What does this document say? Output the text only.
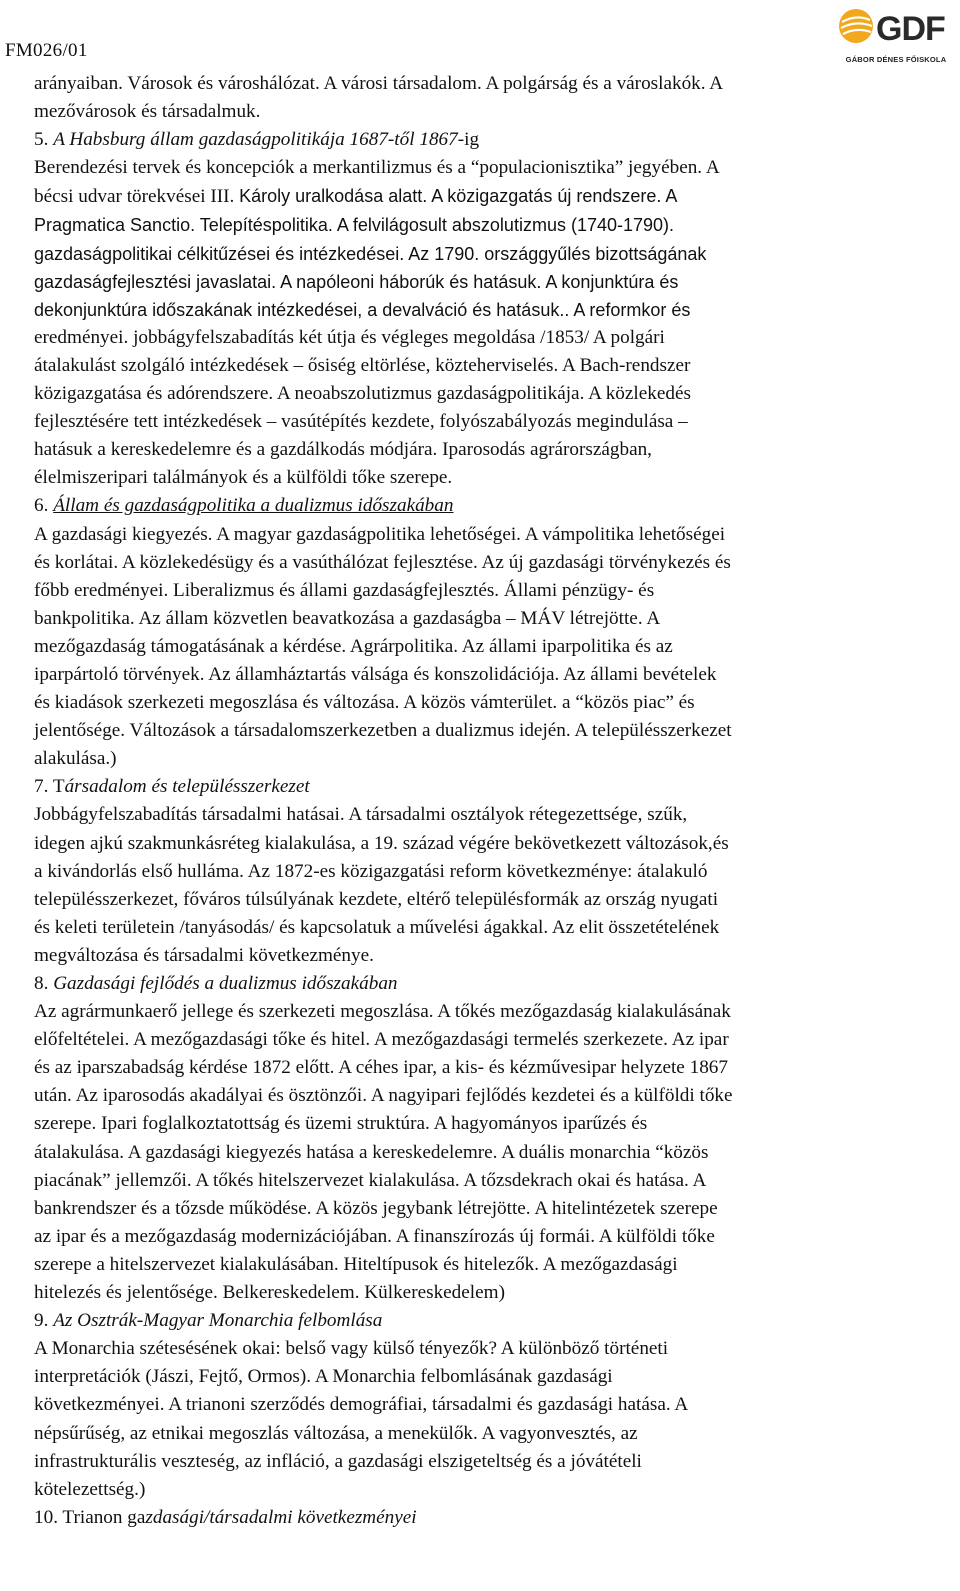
FM026/01
GDF
GÁBOR DÉNES FŐISKOLA
arányaiban. Városok és városhálózat. A városi társadalom. A polgárság és a városlakók. A
mezővárosok és társadalmuk.
5. A Habsburg állam gazdaságpolitikája 1687-től 1867-ig
Berendezési tervek és koncepciók a merkantilizmus és a “populacionisztika” jegyében. A
bécsi udvar törekvései III. Károly uralkodása alatt. A közigazgatás új rendszere. A
Pragmatica Sanctio. Telepítéspolitika. A felvilágosult abszolutizmus (1740-1790).
gazdaságpolitikai célkitűzései és intézkedései. Az 1790. országgyűlés bizottságának
gazdaságfejlesztési javaslatai. A napóleoni háborúk és hatásuk. A konjunktúra és
dekonjunktúra időszakának intézkedései, a devalváció és hatásuk.. A reformkor és
eredményei. jobbágyfelszabadítás két útja és végleges megoldása /1853/ A polgári
átalakulást szolgáló intézkedések – ősiség eltörlése, közteherviselés. A Bach-rendszer
közigazgatása és adórendszere. A neoabszolutizmus gazdaságpolitikája. A közlekedés
fejlesztésére tett intézkedések – vasútépítés kezdete, folyószabályozás megindulása –
hatásuk a kereskedelemre és a gazdálkodás módjára. Iparosodás agrárországban,
élelmiszeripari találmányok és a külföldi tőke szerepe.
6. Állam és gazdaságpolitika a dualizmus időszakában
A gazdasági kiegyezés. A magyar gazdaságpolitika lehetőségei. A vámpolitika lehetőségei
és korlátai. A közlekedésügy és a vasúthálózat fejlesztése. Az új gazdasági törvénykezés és
főbb eredményei. Liberalizmus és állami gazdaságfejlesztés. Állami pénzügy- és
bankpolitika. Az állam közvetlen beavatkozása a gazdaságba – MÁV létrejötte. A
mezőgazdaság támogatásának a kérdése. Agrárpolitika. Az állami iparpolitika és az
iparpártoló törvények. Az államháztartás válsága és konszolidációja. Az állami bevételek
és kiadások szerkezeti megoszlása és változása. A közös vámterület. a “közös piac” és
jelentősége. Változások a társadalomszerkezetben a dualizmus idején. A településszerkezet
alakulása.)
7. Társadalom és településszerkezet
Jobbágyfelszabadítás társadalmi hatásai. A társadalmi osztályok rétegezettsége, szűk,
idegen ajkú szakmunkásréteg kialakulása, a 19. század végére bekövetkezett változások,és
a kivándorlás első hulláma. Az 1872-es közigazgatási reform következménye: átalakuló
településszerkezet, főváros túlsúlyának kezdete, eltérő településformák az ország nyugati
és keleti területein /tanyásodás/ és kapcsolatuk a művelési ágakkal. Az elit összetételének
megváltozása és társadalmi következménye.
8. Gazdasági fejlődés a dualizmus időszakában
Az agrármunkaerő jellege és szerkezeti megoszlása. A tőkés mezőgazdaság kialakulásának
előfeltételei. A mezőgazdasági tőke és hitel. A mezőgazdasági termelés szerkezete. Az ipar
és az iparszabadság kérdése 1872 előtt. A céhes ipar, a kis- és kézművesipar helyzete 1867
után. Az iparosodás akadályai és ösztönzői. A nagyipari fejlődés kezdetei és a külföldi tőke
szerepe. Ipari foglalkoztatottság és üzemi struktúra. A hagyományos iparűzés és
átalakulása. A gazdasági kiegyezés hatása a kereskedelemre. A duális monarchia “közös
piacának” jellemzői. A tőkés hitelszervezet kialakulása. A tőzsdekrach okai és hatása. A
bankrendszer és a tőzsde működése. A közös jegybank létrejötte. A hitelintézetek szerepe
az ipar és a mezőgazdaság modernizációjában. A finanszírozás új formái. A külföldi tőke
szerepe a hitelszervezet kialakulásában. Hiteltípusok és hitelezők. A mezőgazdasági
hitelezés és jelentősége. Belkereskedelem. Külkereskedelem)
9. Az Osztrák-Magyar Monarchia felbomlása
A Monarchia szétesésének okai: belső vagy külső tényezők? A különböző történeti
interpretációk (Jászi, Fejtő, Ormos). A Monarchia felbomlásának gazdasági
következményei. A trianoni szerződés demográfiai, társadalmi és gazdasági hatása. A
népsűrűség, az etnikai megoszlás változása, a menekülők. A vagyonvesztés, az
infrastrukturális veszteség, az infláció, a gazdasági elszigeteltség és a jóvátételi
kötelezettség.)
10. Trianon gazdasági/társadalmi következményei
